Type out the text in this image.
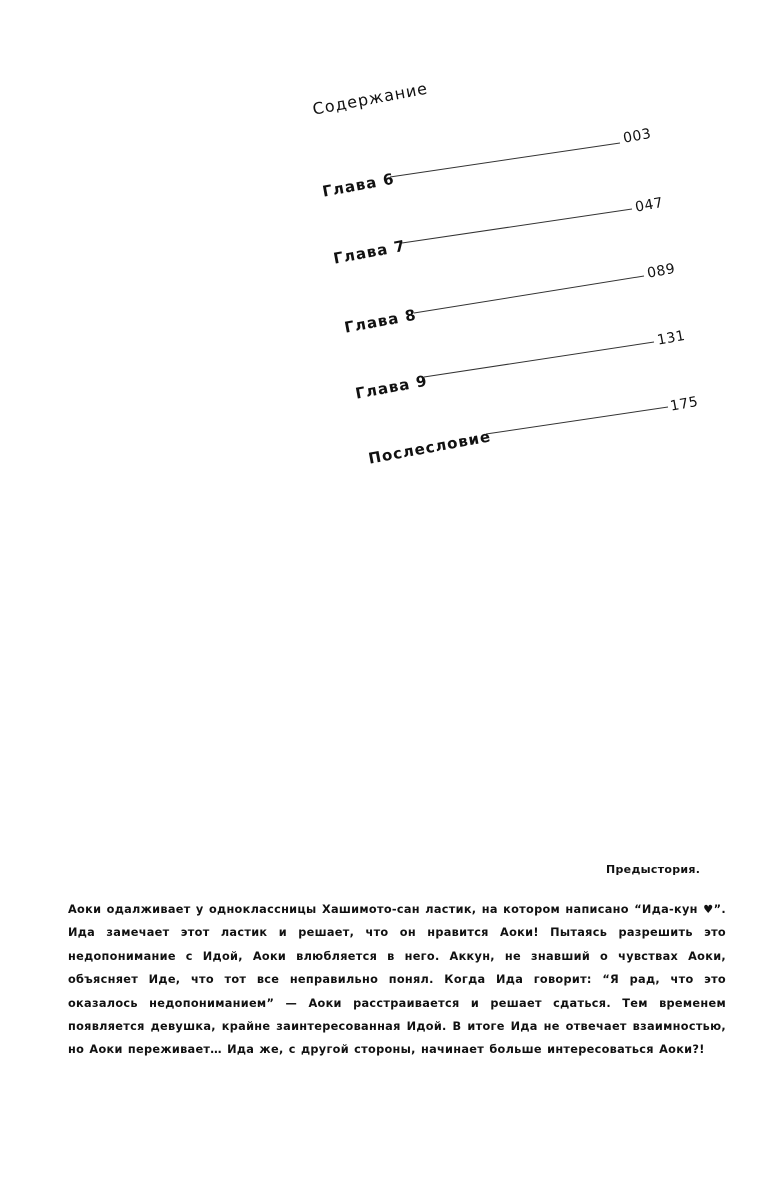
Содержание
Глава 6
003
Глава 7
047
Глава 8
089
Глава 9
131
Послесловие
175
Предыстория.
Аоки одалживает у одноклассницы Хашимото-сан ластик, на котором написано “Ида-кун ♥”. Ида замечает этот ластик и решает, что он нравится Аоки! Пытаясь разрешить это недопонимание с Идой, Аоки влюбляется в него. Аккун, не знавший о чувствах Аоки, объясняет Иде, что тот все неправильно понял. Когда Ида говорит: “Я рад, что это оказалось недопониманием” — Аоки расстраивается и решает сдаться. Тем временем появляется девушка, крайне заинтересованная Идой. В итоге Ида не отвечает взаимностью, но Аоки переживает… Ида же, с другой стороны, начинает больше интересоваться Аоки?!
